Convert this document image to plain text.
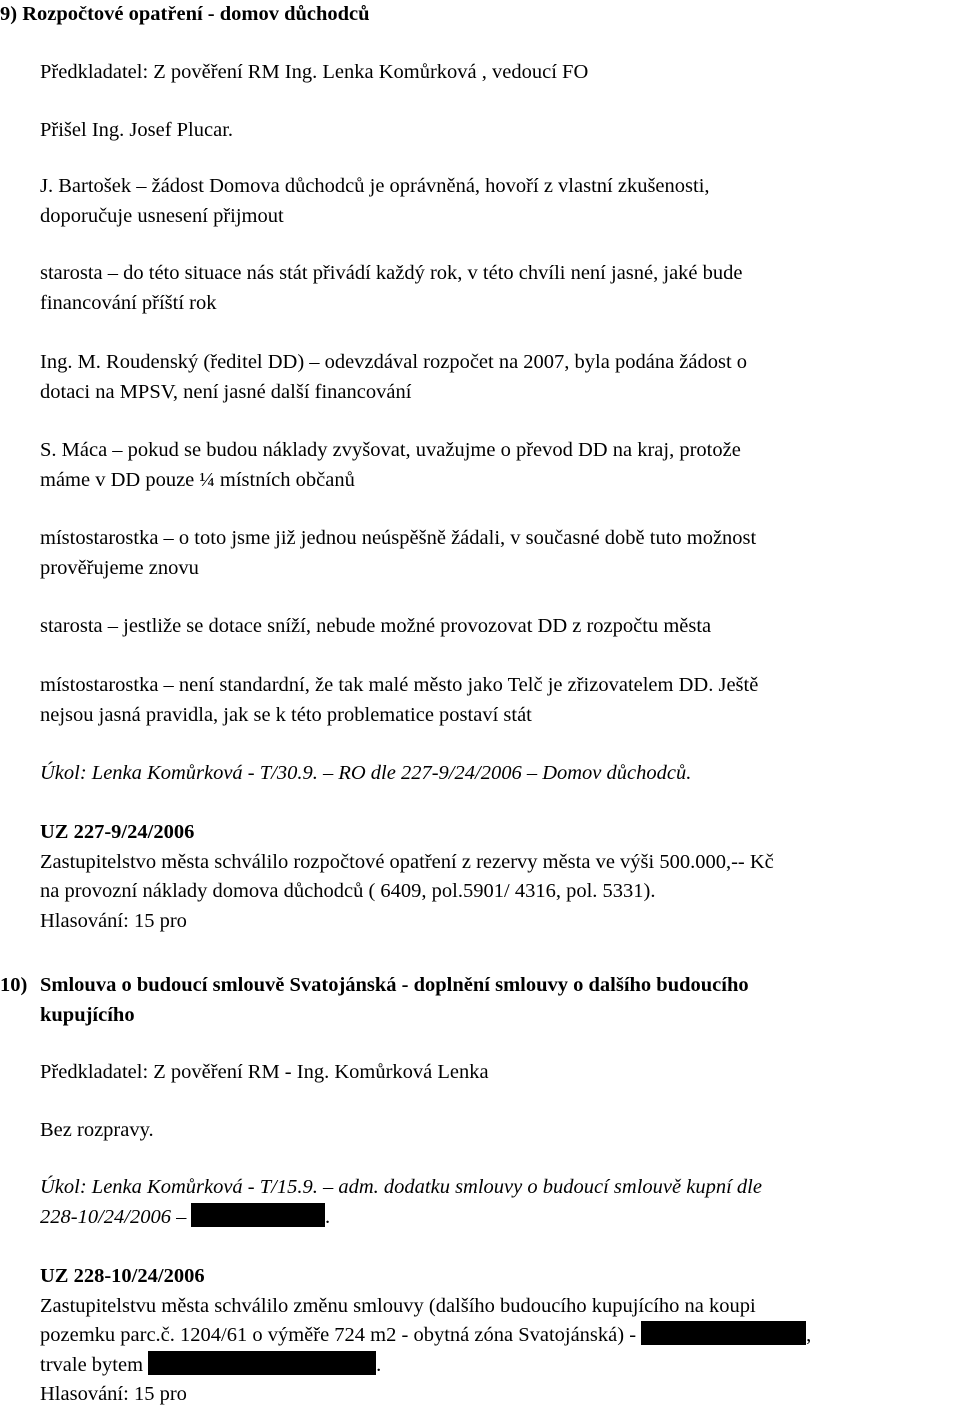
9) Rozpočtové opatření - domov důchodců

Předkladatel: Z pověření RM Ing. Lenka Komůrková , vedoucí FO

Přišel Ing. Josef Plucar.

J. Bartošek – žádost Domova důchodců je oprávněná, hovoří z vlastní zkušenosti,
doporučuje usnesení přijmout

starosta – do této situace nás stát přivádí každý rok, v této chvíli není jasné, jaké bude
financování příští rok

Ing. M. Roudenský (ředitel DD) – odevzdával rozpočet na 2007, byla podána žádost o
dotaci na MPSV, není jasné další financování

S. Máca – pokud se budou náklady zvyšovat, uvažujme o převod DD na kraj, protože
máme v DD pouze ¼ místních občanů

místostarostka – o toto jsme již jednou neúspěšně žádali, v současné době tuto možnost
prověřujeme znovu

starosta – jestliže se dotace sníží, nebude možné provozovat DD z rozpočtu města

místostarostka – není standardní, že tak malé město jako Telč je zřizovatelem DD. Ještě
nejsou jasná pravidla, jak se k této problematice postaví stát

Úkol: Lenka Komůrková - T/30.9. – RO dle 227-9/24/2006 – Domov důchodců.

UZ 227-9/24/2006
Zastupitelstvo města schválilo rozpočtové opatření z rezervy města ve výši 500.000,-- Kč
na provozní náklady domova důchodců ( 6409, pol.5901/ 4316, pol. 5331).
Hlasování: 15 pro
10) Smlouva o budoucí smlouvě Svatojánská - doplnění smlouvy o dalšího budoucího
kupujícího

Předkladatel: Z pověření RM - Ing. Komůrková Lenka

Bez rozpravy.

Úkol: Lenka Komůrková - T/15.9. – adm. dodatku smlouvy o budoucí smlouvě kupní dle
228-10/24/2006 –	.
UZ 228-10/24/2006
Zastupitelstvu města schválilo změnu smlouvy (dalšího budoucího kupujícího na koupi
pozemku parc.č. 1204/61 o výměře 724 m2 - obytná zóna Svatojánská) -	,
trvale bytem	.
Hlasování: 15 pro
